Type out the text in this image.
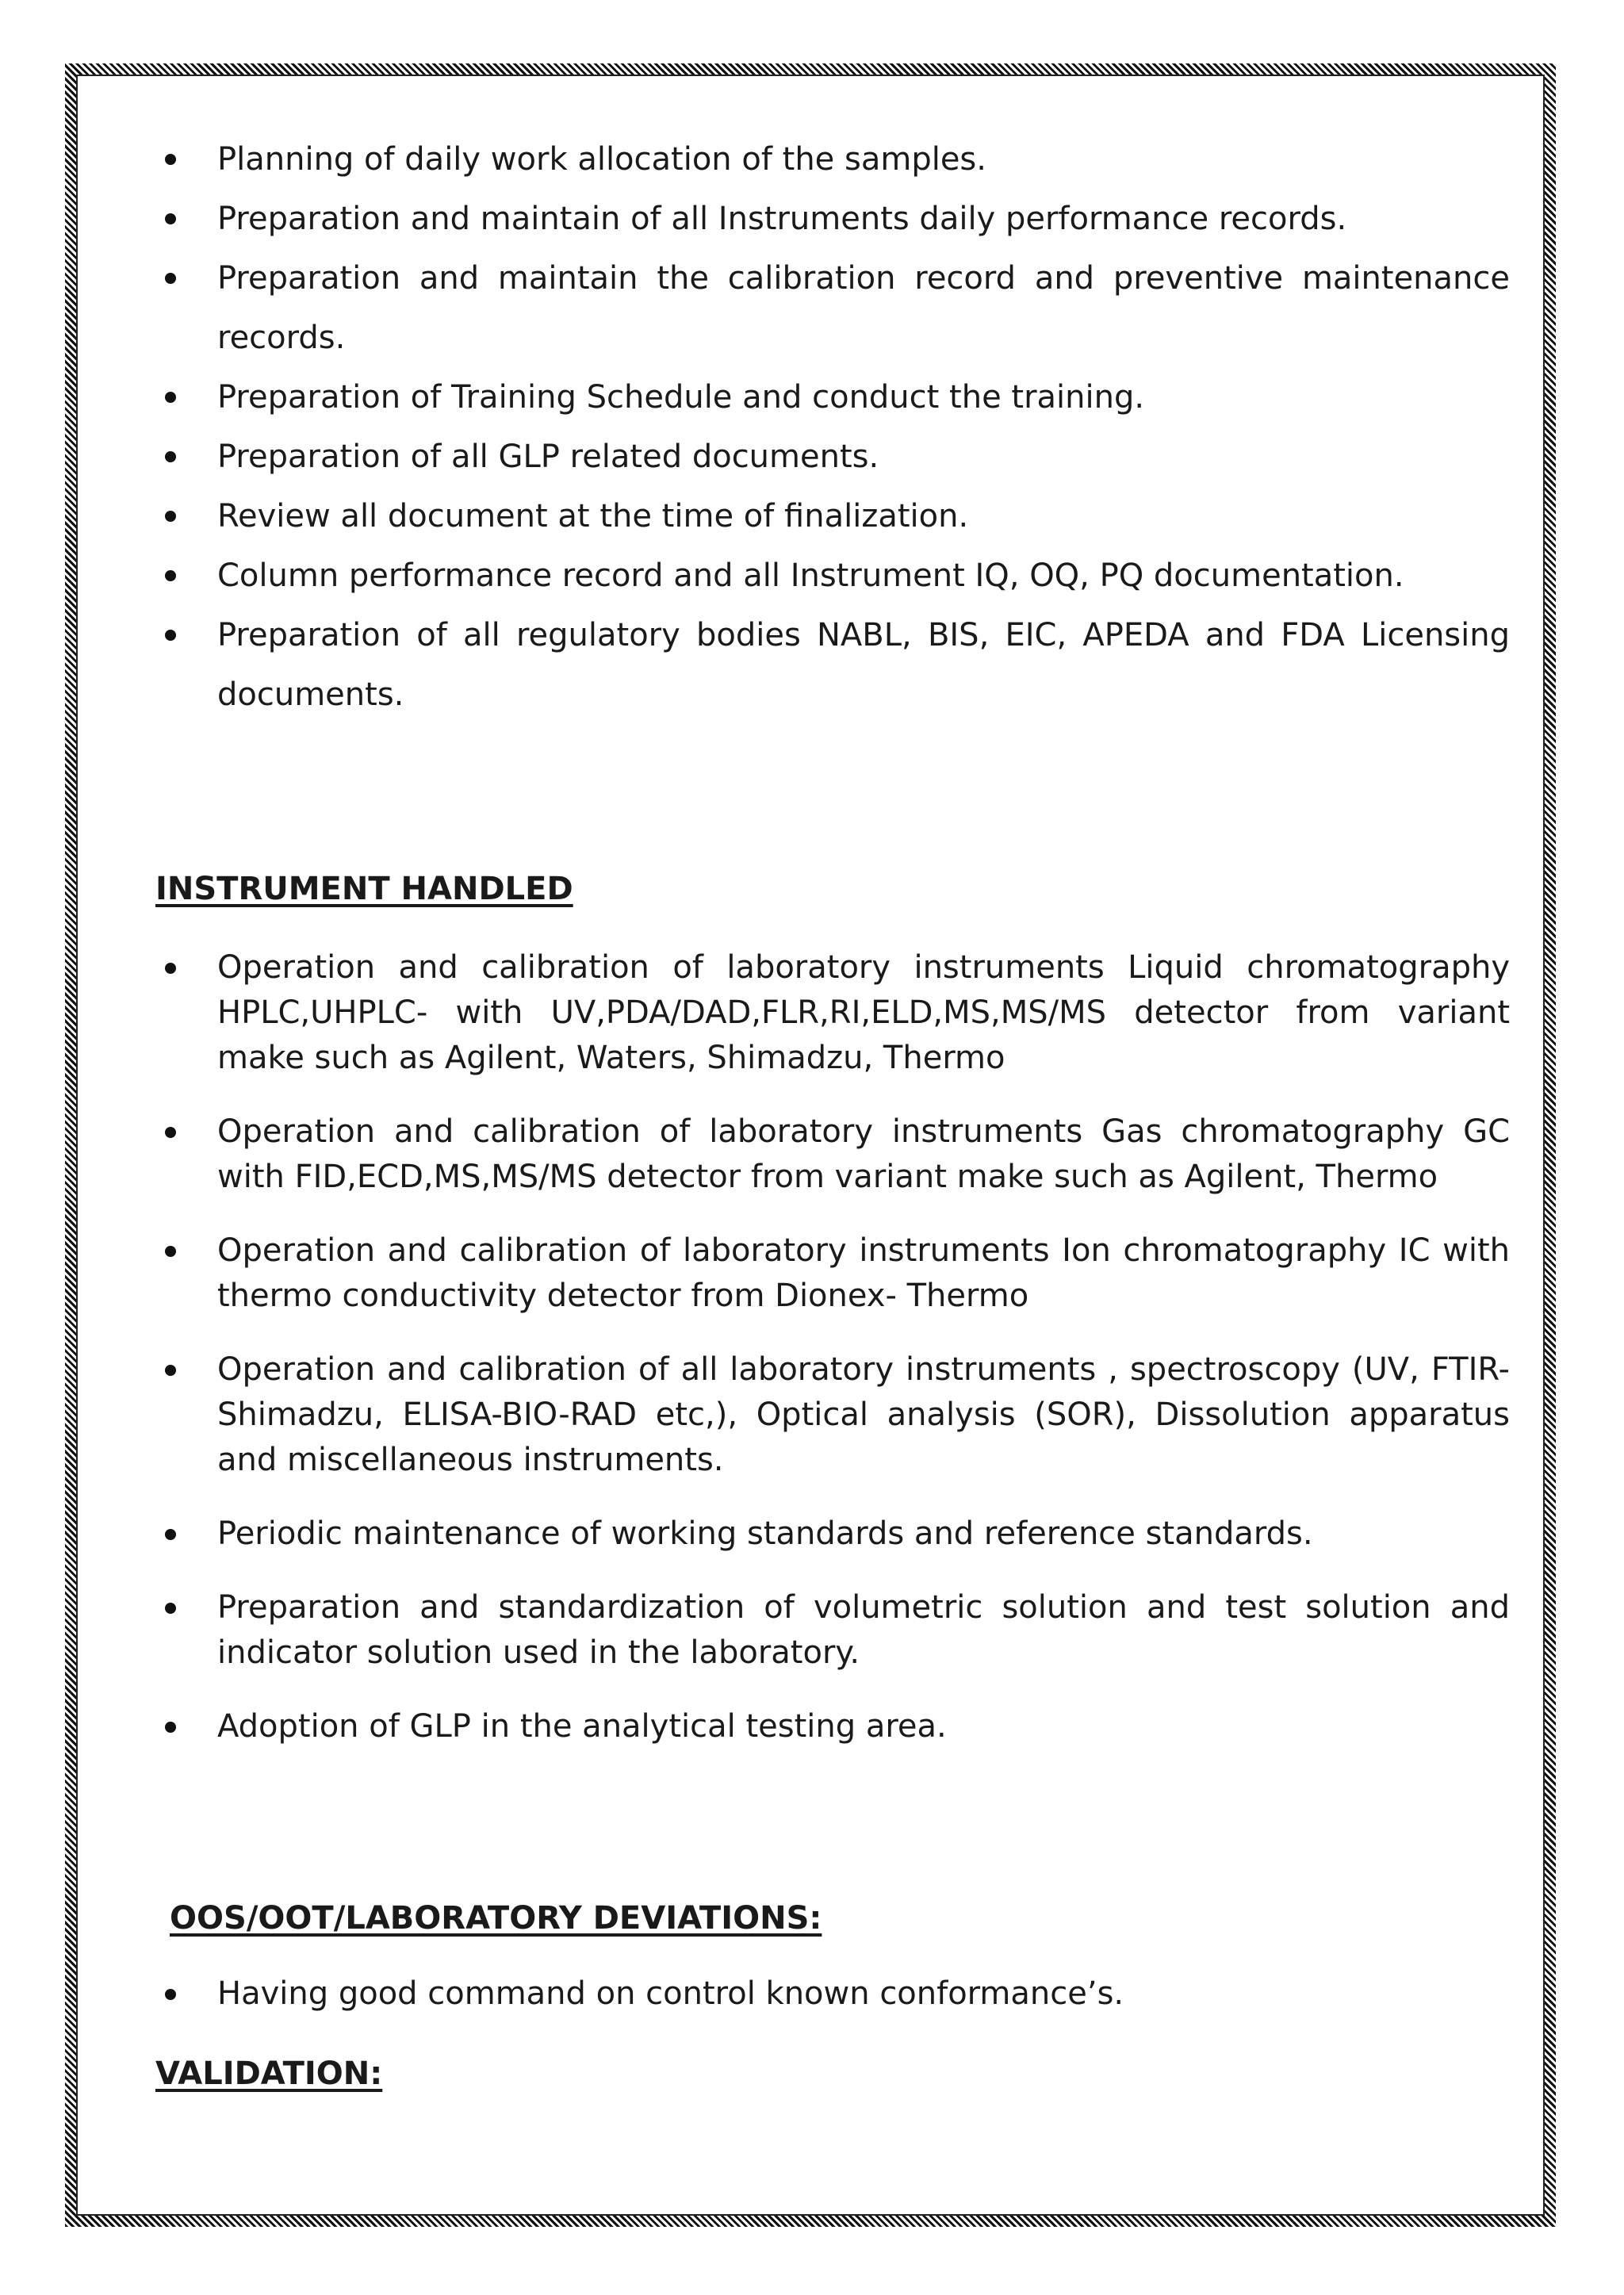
Planning of daily work allocation of the samples.
Preparation and maintain of all Instruments daily performance records.
Preparation and maintain the calibration record and preventive maintenance records.
Preparation of Training Schedule and conduct the training.
Preparation of all GLP related documents.
Review all document at the time of finalization.
Column performance record and all Instrument IQ, OQ, PQ documentation.
Preparation of all regulatory bodies NABL, BIS, EIC, APEDA and FDA Licensing documents.
INSTRUMENT HANDLED
Operation and calibration of laboratory instruments Liquid chromatography HPLC,UHPLC- with UV,PDA/DAD,FLR,RI,ELD,MS,MS/MS detector from variant make such as Agilent, Waters, Shimadzu, Thermo
Operation and calibration of laboratory instruments Gas chromatography GC with FID,ECD,MS,MS/MS detector from variant make such as Agilent, Thermo
Operation and calibration of laboratory instruments Ion chromatography IC with thermo conductivity detector from Dionex- Thermo
Operation and calibration of all laboratory instruments , spectroscopy (UV, FTIR- Shimadzu, ELISA-BIO-RAD etc,), Optical analysis (SOR), Dissolution apparatus and miscellaneous instruments.
Periodic maintenance of working standards and reference standards.
Preparation and standardization of volumetric solution and test solution and indicator solution used in the laboratory.
Adoption of GLP in the analytical testing area.
OOS/OOT/LABORATORY DEVIATIONS:
Having good command on control known conformance’s.
VALIDATION:
